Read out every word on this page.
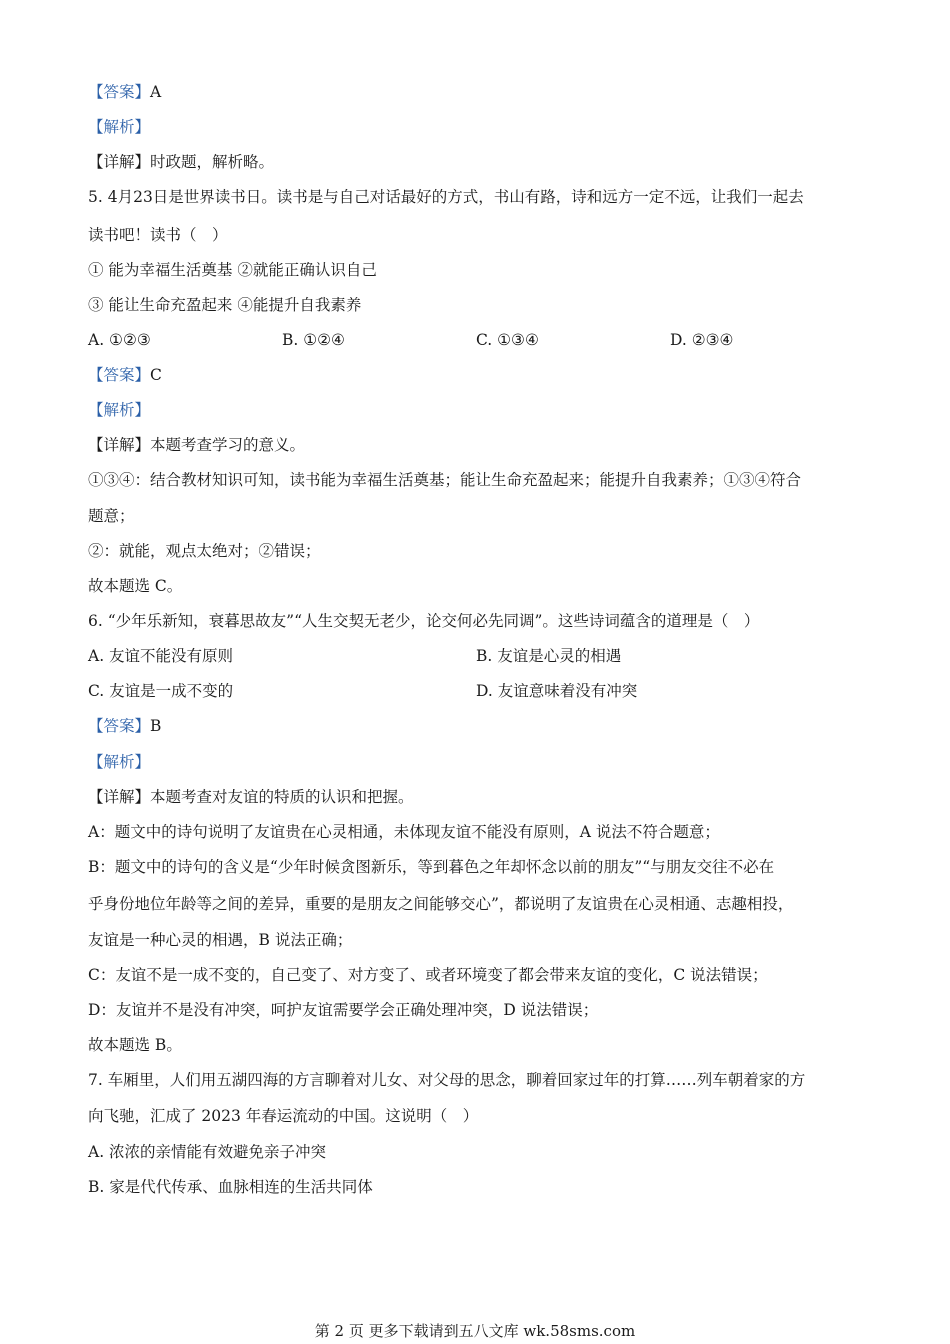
【答案】A
【解析】
【详解】时政题，解析略。
5. 4月23日是世界读书日。读书是与自己对话最好的方式，书山有路，诗和远方一定不远，让我们一起去
读书吧！读书（　）
① 能为幸福生活奠基 ②就能正确认识自己
③ 能让生命充盈起来 ④能提升自我素养
A. ①②③	B. ①②④	C. ①③④	D. ②③④
【答案】C
【解析】
【详解】本题考查学习的意义。
①③④：结合教材知识可知，读书能为幸福生活奠基；能让生命充盈起来；能提升自我素养；①③④符合
题意；
②：就能，观点太绝对；②错误；
故本题选 C。
6. “少年乐新知，衰暮思故友”“人生交契无老少，论交何必先同调”。这些诗词蕴含的道理是（　）
A. 友谊不能没有原则	B. 友谊是心灵的相遇
C. 友谊是一成不变的	D. 友谊意味着没有冲突
【答案】B
【解析】
【详解】本题考查对友谊的特质的认识和把握。
A：题文中的诗句说明了友谊贵在心灵相通，未体现友谊不能没有原则，A 说法不符合题意；
B：题文中的诗句的含义是“少年时候贪图新乐，等到暮色之年却怀念以前的朋友”“与朋友交往不必在
乎身份地位年龄等之间的差异，重要的是朋友之间能够交心”，都说明了友谊贵在心灵相通、志趣相投，
友谊是一种心灵的相遇，B 说法正确；
C：友谊不是一成不变的，自己变了、对方变了、或者环境变了都会带来友谊的变化，C 说法错误；
D：友谊并不是没有冲突，呵护友谊需要学会正确处理冲突，D 说法错误；
故本题选 B。
7. 车厢里，人们用五湖四海的方言聊着对儿女、对父母的思念，聊着回家过年的打算……列车朝着家的方
向飞驰，汇成了 2023 年春运流动的中国。这说明（　）
A. 浓浓的亲情能有效避免亲子冲突
B. 家是代代传承、血脉相连的生活共同体
第 2 页 更多下载请到五八文库 wk.58sms.com
